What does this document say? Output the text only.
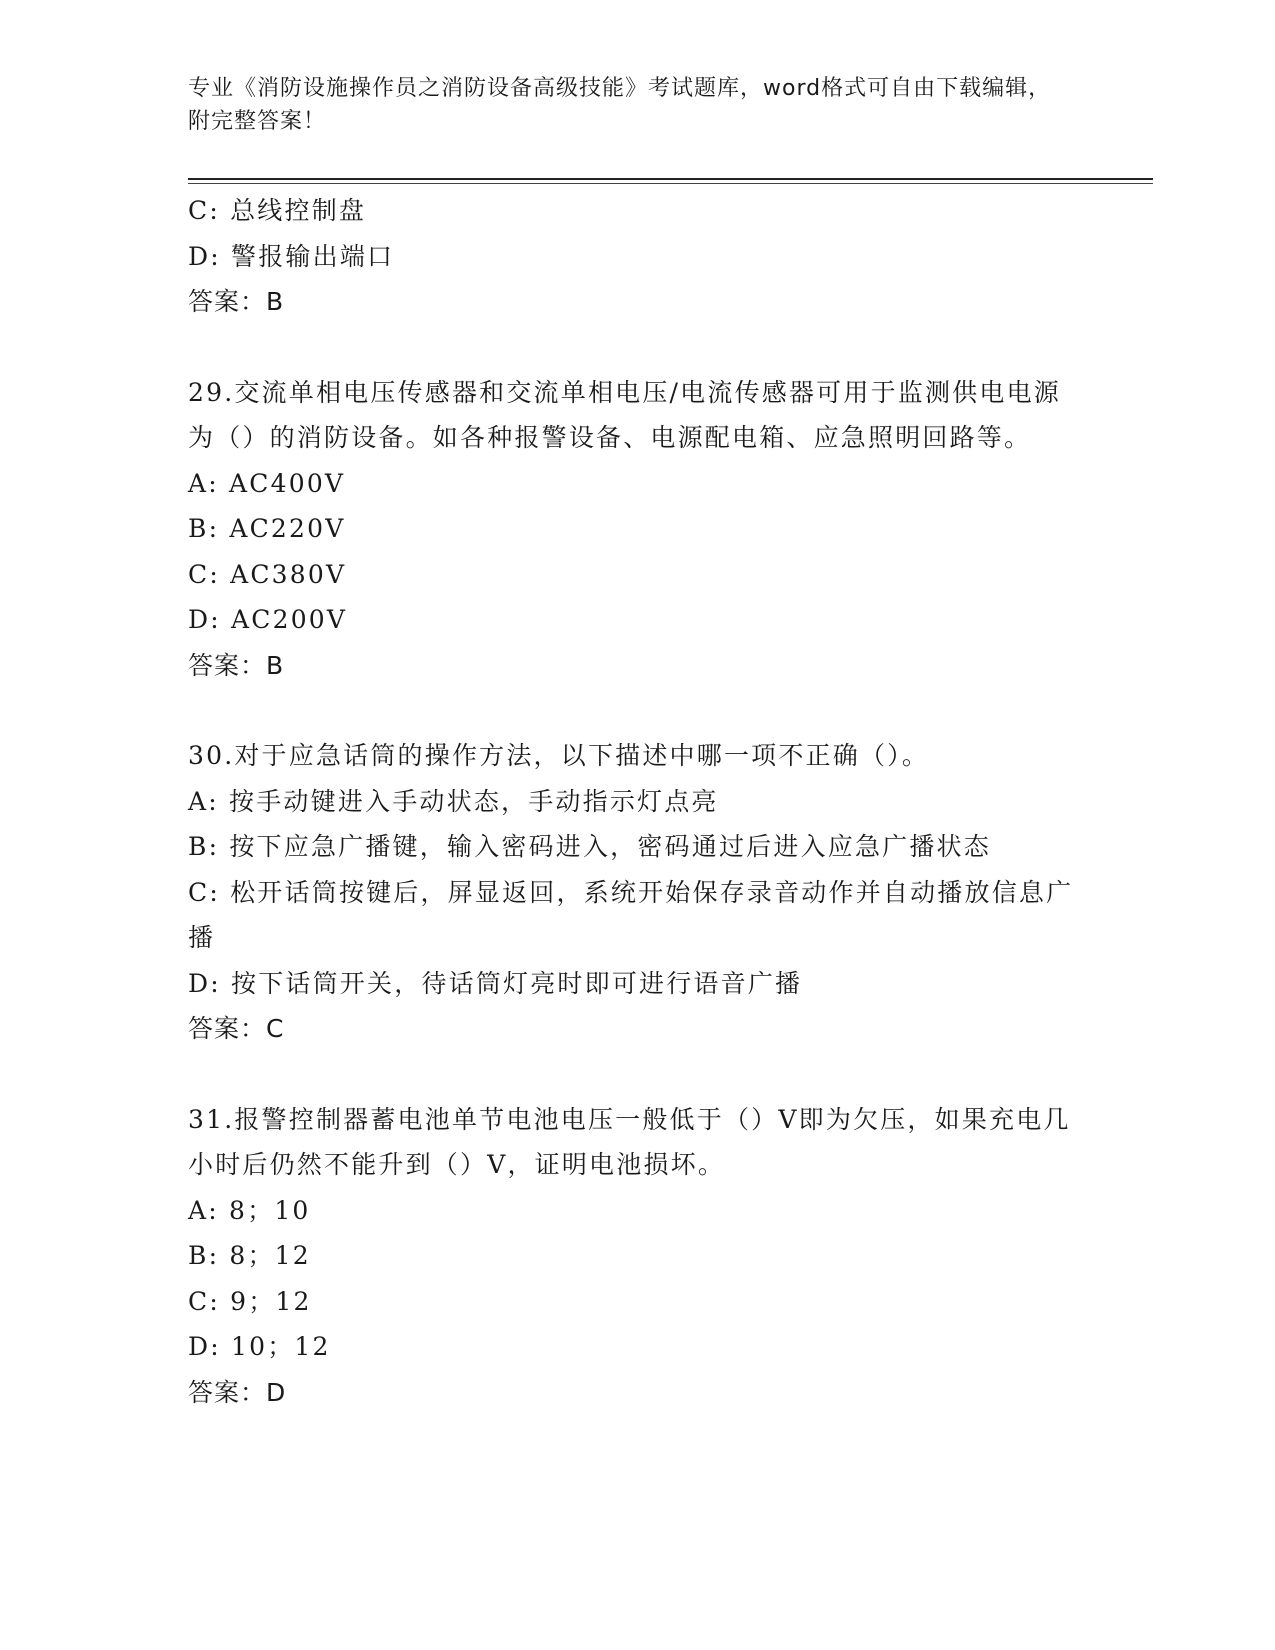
专业《消防设施操作员之消防设备高级技能》考试题库，word格式可自由下载编辑，附完整答案！
C: 总线控制盘
D: 警报输出端口
答案：B
29.交流单相电压传感器和交流单相电压/电流传感器可用于监测供电电源为（）的消防设备。如各种报警设备、电源配电箱、应急照明回路等。
A: AC400V
B: AC220V
C: AC380V
D: AC200V
答案：B
30.对于应急话筒的操作方法，以下描述中哪一项不正确（）。
A: 按手动键进入手动状态，手动指示灯点亮
B: 按下应急广播键，输入密码进入，密码通过后进入应急广播状态
C: 松开话筒按键后，屏显返回，系统开始保存录音动作并自动播放信息广播
D: 按下话筒开关，待话筒灯亮时即可进行语音广播
答案：C
31.报警控制器蓄电池单节电池电压一般低于（）V即为欠压，如果充电几小时后仍然不能升到（）V，证明电池损坏。
A: 8；10
B: 8；12
C: 9；12
D: 10；12
答案：D
